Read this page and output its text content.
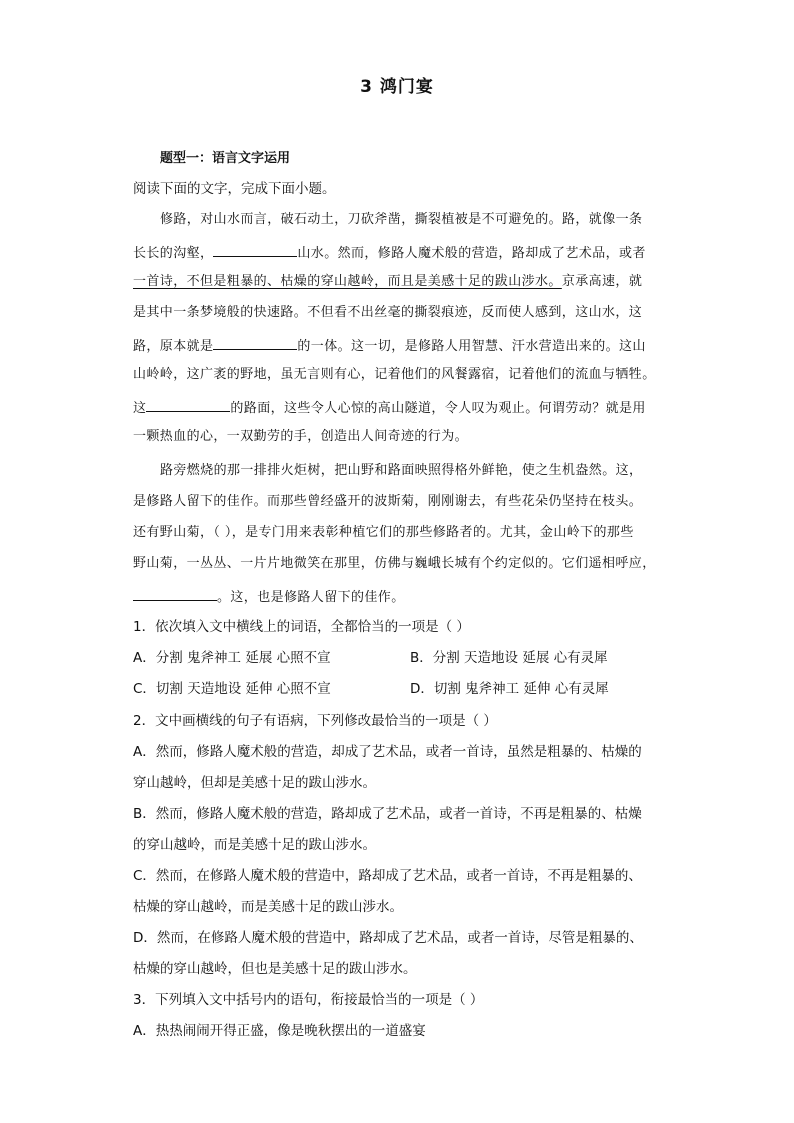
3 鸿门宴
题型一：语言文字运用
阅读下面的文字，完成下面小题。
修路，对山水而言，破石动土，刀砍斧凿，撕裂植被是不可避免的。路，就像一条
长长的沟壑，	山水。然而，修路人魔术般的营造，路却成了艺术品，或者
一首诗，不但是粗暴的、枯燥的穿山越岭，而且是美感十足的跋山涉水。京承高速，就
是其中一条梦境般的快速路。不但看不出丝毫的撕裂痕迹，反而使人感到，这山水，这
路，原本就是	的一体。这一切，是修路人用智慧、汗水营造出来的。这山
山岭岭，这广袤的野地，虽无言则有心，记着他们的风餐露宿，记着他们的流血与牺牲。
这	的路面，这些令人心惊的高山隧道，令人叹为观止。何谓劳动？就是用
一颗热血的心，一双勤劳的手，创造出人间奇迹的行为。
路旁燃烧的那一排排火炬树，把山野和路面映照得格外鲜艳，使之生机盎然。这，
是修路人留下的佳作。而那些曾经盛开的波斯菊，刚刚谢去，有些花朵仍坚持在枝头。
还有野山菊，（ ），是专门用来表彰种植它们的那些修路者的。尤其，金山岭下的那些
野山菊，一丛丛、一片片地微笑在那里，仿佛与巍峨长城有个约定似的。它们遥相呼应，
。这，也是修路人留下的佳作。
1．依次填入文中横线上的词语，全都恰当的一项是（ ）
A．分割 鬼斧神工 延展 心照不宣	B．分割 天造地设 延展 心有灵犀
C．切割 天造地设 延伸 心照不宣	D．切割 鬼斧神工 延伸 心有灵犀
2．文中画横线的句子有语病，下列修改最恰当的一项是（ ）
A．然而，修路人魔术般的营造，却成了艺术品，或者一首诗，虽然是粗暴的、枯燥的
穿山越岭，但却是美感十足的跋山涉水。
B．然而，修路人魔术般的营造，路却成了艺术品，或者一首诗，不再是粗暴的、枯燥
的穿山越岭，而是美感十足的跋山涉水。
C．然而，在修路人魔术般的营造中，路却成了艺术品，或者一首诗，不再是粗暴的、
枯燥的穿山越岭，而是美感十足的跋山涉水。
D．然而，在修路人魔术般的营造中，路却成了艺术品，或者一首诗，尽管是粗暴的、
枯燥的穿山越岭，但也是美感十足的跋山涉水。
3．下列填入文中括号内的语句，衔接最恰当的一项是（ ）
A．热热闹闹开得正盛，像是晚秋摆出的一道盛宴
